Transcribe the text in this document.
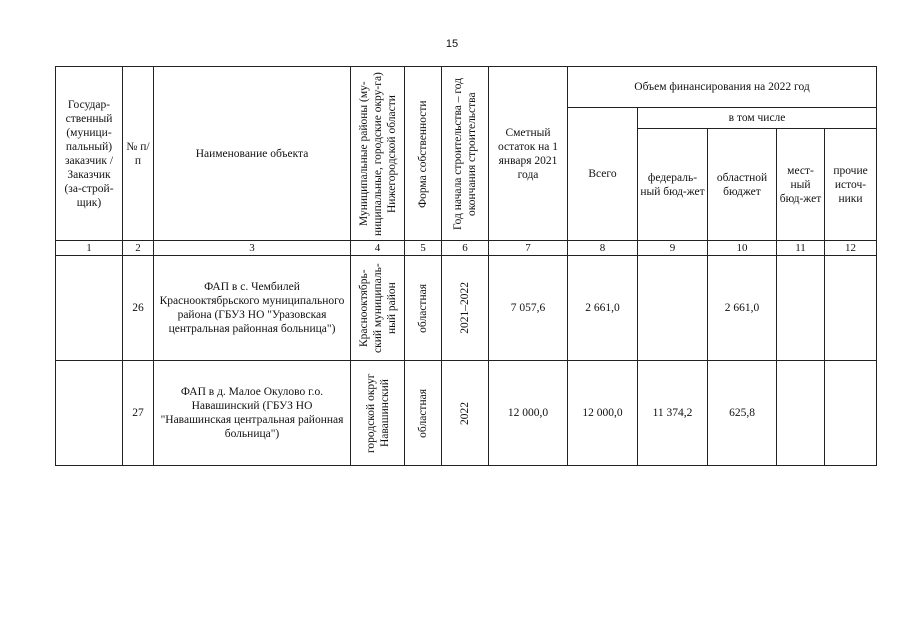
15
Государ-ственный (муници-пальный) заказчик / Заказчик (за-строй-щик)	№ п/п	Наименование объекта	Муниципальные районы (му-ниципальные, городские окру-га) Нижегородской области	Форма собственности	Год начала строительства – год окончания строительства	Сметный остаток на 1 января 2021 года	Объем финансирования на 2022 год				
							Всего	в том числе			
								федераль-ный бюд-жет	областной бюджет	мест-ный бюд-жет	прочие источ-ники
1	2	3	4	5	6	7	8	9	10	11	12
	26	ФАП в с. Чембилей Краснооктябрьского муниципального района (ГБУЗ НО "Уразовская центральная районная больница")	Краснооктябрь-ский муниципаль-ный район	областная	2021–2022	7 057,6	2 661,0		2 661,0		
	27	ФАП в д. Малое Окулово г.о. Навашинский (ГБУЗ НО "Навашинская центральная районная больница")	городской округ Навашинский	областная	2022	12 000,0	12 000,0	11 374,2	625,8		
